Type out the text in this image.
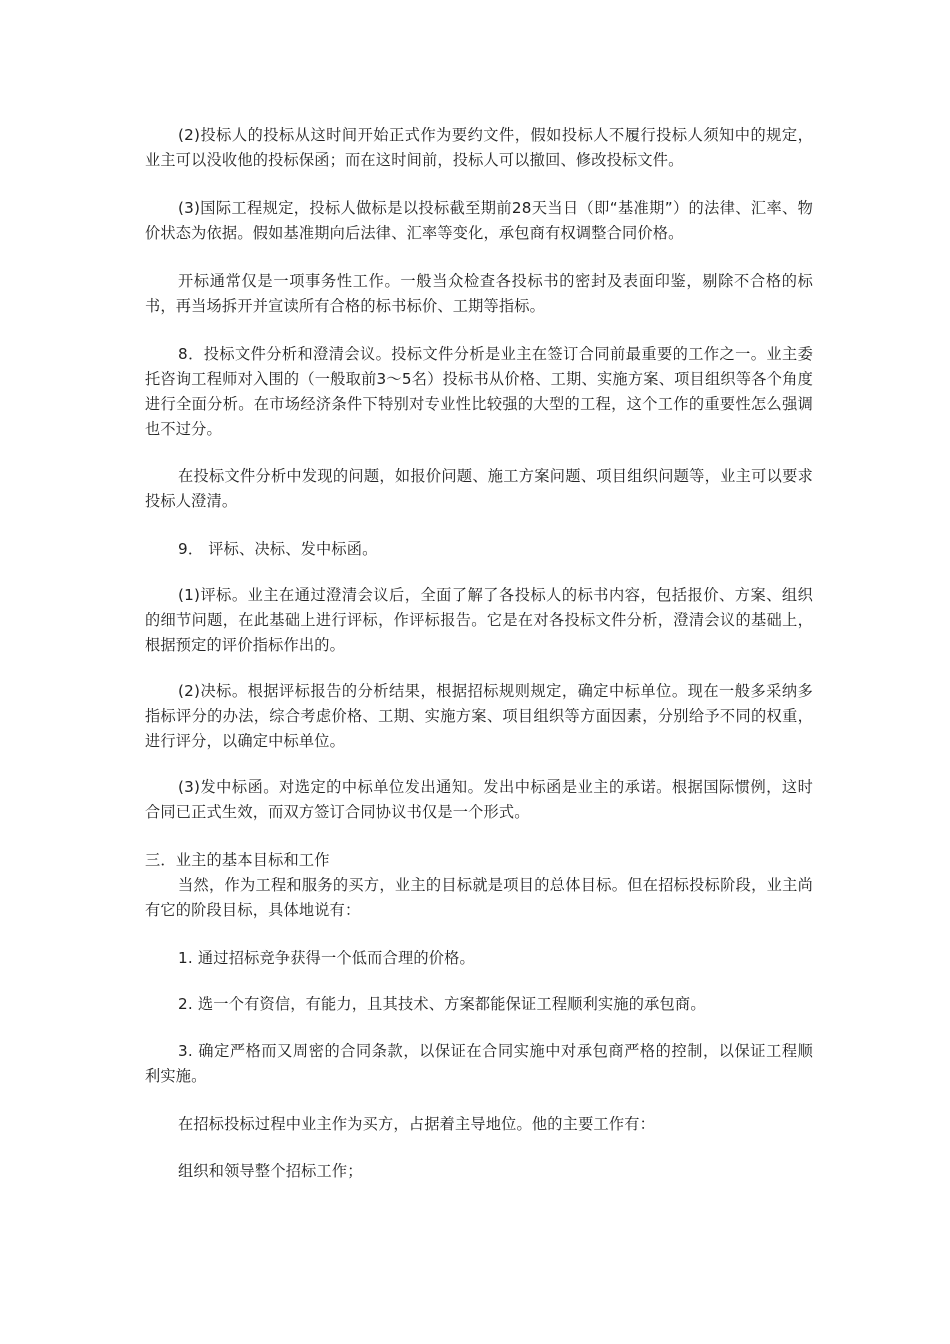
(2)投标人的投标从这时间开始正式作为要约文件，假如投标人不履行投标人须知中的规定，业主可以没收他的投标保函；而在这时间前，投标人可以撤回、修改投标文件。

(3)国际工程规定，投标人做标是以投标截至期前28天当日（即“基准期”）的法律、汇率、物价状态为依据。假如基准期向后法律、汇率等变化，承包商有权调整合同价格。

开标通常仅是一项事务性工作。一般当众检查各投标书的密封及表面印鉴，剔除不合格的标书，再当场拆开并宣读所有合格的标书标价、工期等指标。

8．投标文件分析和澄清会议。投标文件分析是业主在签订合同前最重要的工作之一。业主委托咨询工程师对入围的（一般取前3～5名）投标书从价格、工期、实施方案、项目组织等各个角度进行全面分析。在市场经济条件下特别对专业性比较强的大型的工程，这个工作的重要性怎么强调也不过分。

在投标文件分析中发现的问题，如报价问题、施工方案问题、项目组织问题等，业主可以要求投标人澄清。

9． 评标、决标、发中标函。

(1)评标。业主在通过澄清会议后，全面了解了各投标人的标书内容，包括报价、方案、组织的细节问题，在此基础上进行评标，作评标报告。它是在对各投标文件分析，澄清会议的基础上，根据预定的评价指标作出的。

(2)决标。根据评标报告的分析结果，根据招标规则规定，确定中标单位。现在一般多采纳多指标评分的办法，综合考虑价格、工期、实施方案、项目组织等方面因素，分别给予不同的权重，进行评分，以确定中标单位。

(3)发中标函。对选定的中标单位发出通知。发出中标函是业主的承诺。根据国际惯例，这时合同已正式生效，而双方签订合同协议书仅是一个形式。

三．业主的基本目标和工作

当然，作为工程和服务的买方，业主的目标就是项目的总体目标。但在招标投标阶段，业主尚有它的阶段目标，具体地说有：

1. 通过招标竞争获得一个低而合理的价格。

2. 选一个有资信，有能力，且其技术、方案都能保证工程顺利实施的承包商。

3. 确定严格而又周密的合同条款，以保证在合同实施中对承包商严格的控制，以保证工程顺利实施。

在招标投标过程中业主作为买方，占据着主导地位。他的主要工作有：

组织和领导整个招标工作；
